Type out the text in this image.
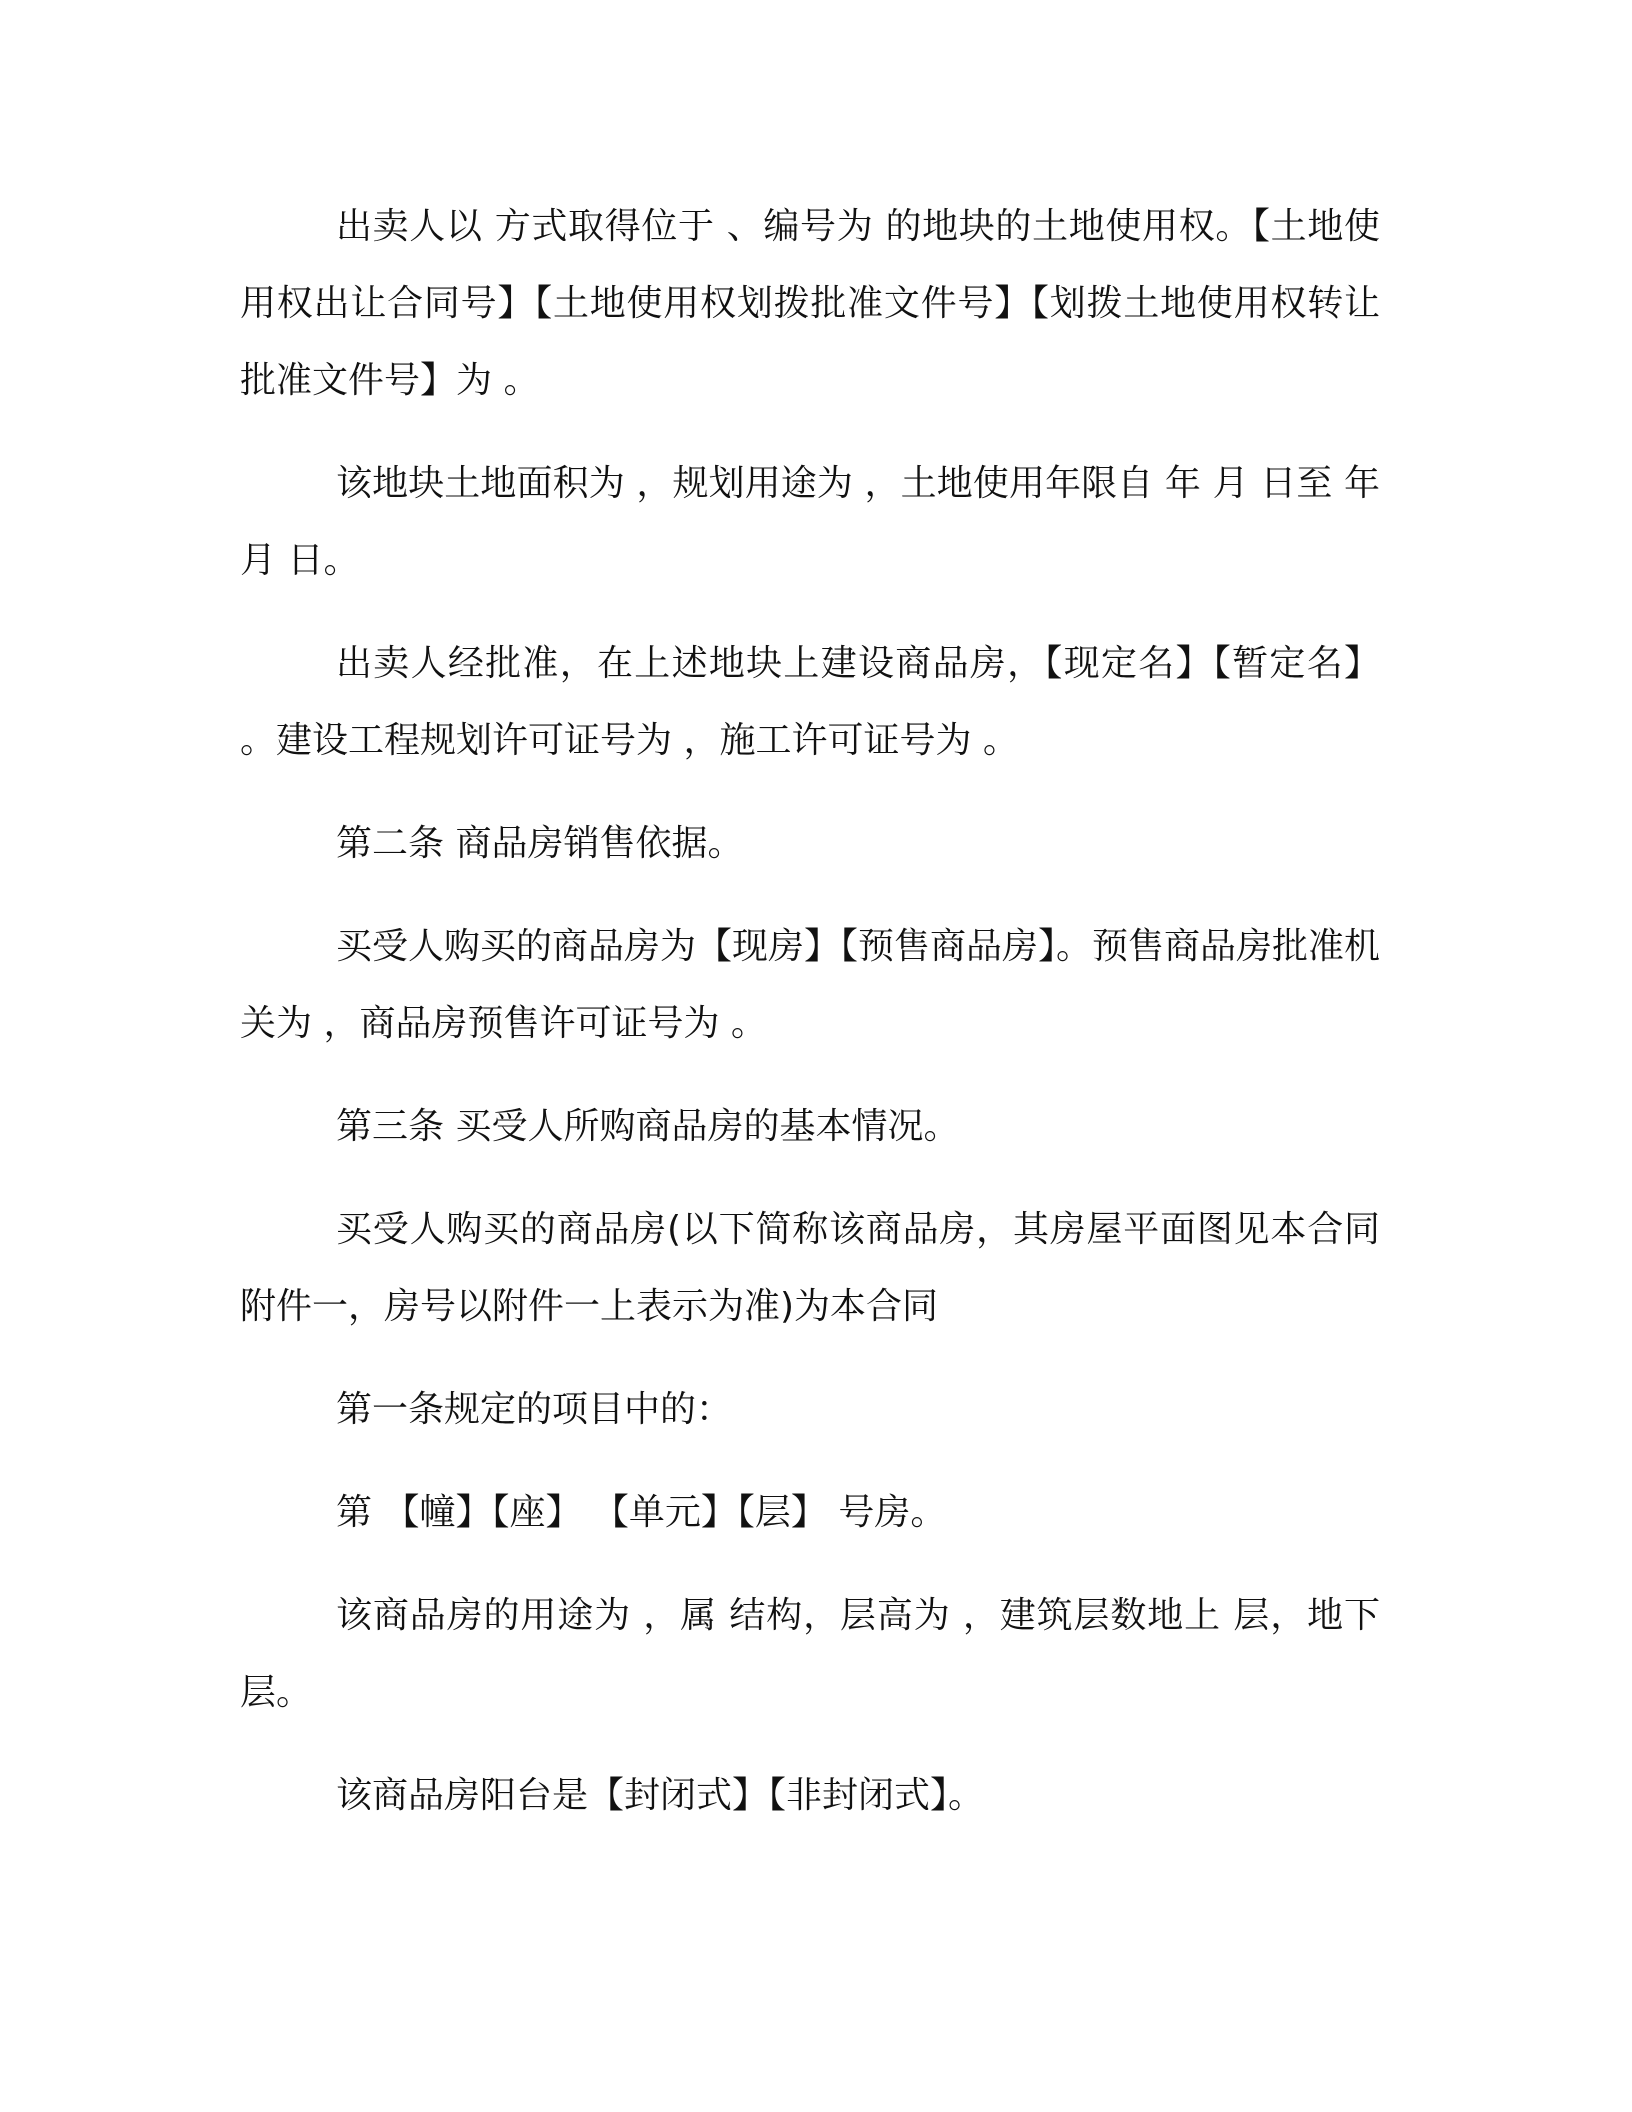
出卖人以 方式取得位于 、编号为 的地块的土地使用权。【土地使用权出让合同号】【土地使用权划拨批准文件号】【划拨土地使用权转让批准文件号】为 。

该地块土地面积为 ，规划用途为 ，土地使用年限自 年 月 日至 年 月 日。

出卖人经批准，在上述地块上建设商品房，【现定名】【暂定名】 。建设工程规划许可证号为 ，施工许可证号为 。

第二条 商品房销售依据。

买受人购买的商品房为【现房】【预售商品房】。预售商品房批准机关为 ，商品房预售许可证号为 。

第三条 买受人所购商品房的基本情况。

买受人购买的商品房(以下简称该商品房，其房屋平面图见本合同附件一，房号以附件一上表示为准)为本合同

第一条规定的项目中的：

第 【幢】【座】 【单元】【层】 号房。

该商品房的用途为 ，属 结构，层高为 ，建筑层数地上 层，地下 层。

该商品房阳台是【封闭式】【非封闭式】。
